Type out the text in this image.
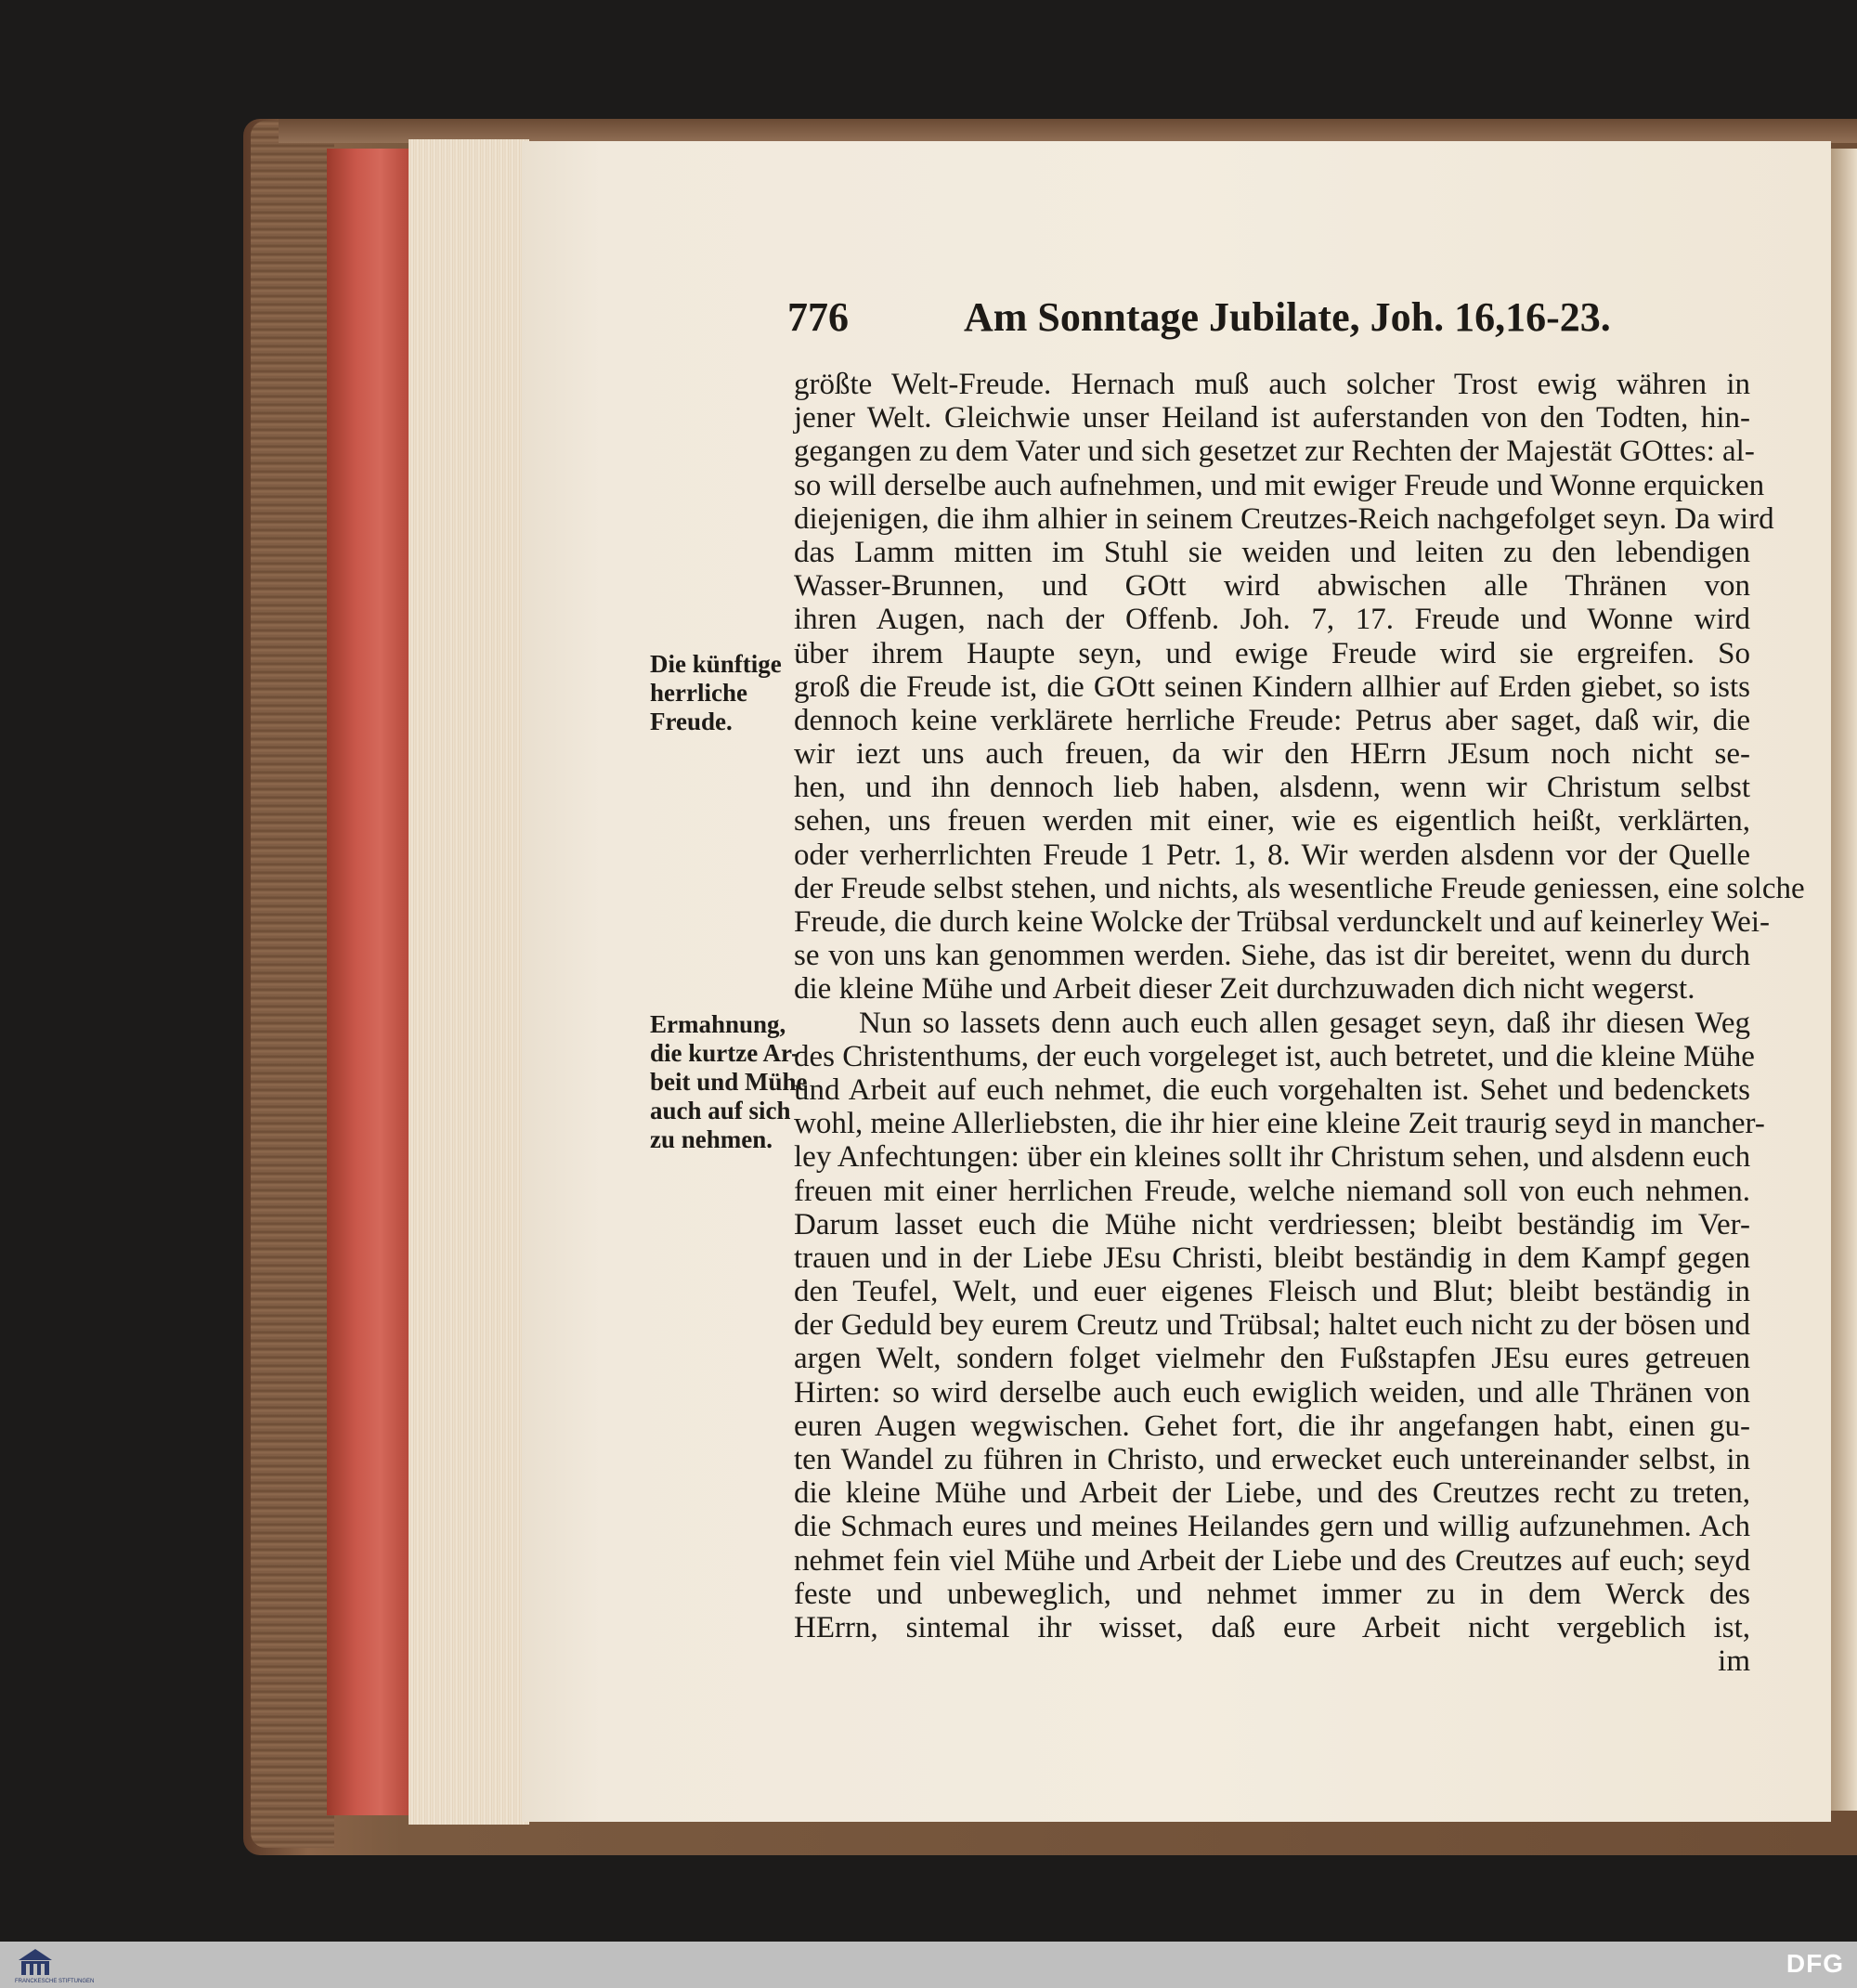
776	Am Sonntage Jubilate, Joh. 16,16-23.
Die künftige
herrliche
Freude.
Ermahnung,
die kurtze Ar-
beit und Mühe
auch auf sich
zu nehmen.
größte Welt-Freude. Hernach muß auch solcher Trost ewig währen in
jener Welt. Gleichwie unser Heiland ist auferstanden von den Todten, hin-
gegangen zu dem Vater und sich gesetzet zur Rechten der Majestät GOttes: al-
so will derselbe auch aufnehmen, und mit ewiger Freude und Wonne erquicken
diejenigen, die ihm alhier in seinem Creutzes-Reich nachgefolget seyn. Da wird
das Lamm mitten im Stuhl sie weiden und leiten zu den lebendigen
Wasser-Brunnen, und GOtt wird abwischen alle Thränen von
ihren Augen, nach der Offenb. Joh. 7, 17. Freude und Wonne wird
über ihrem Haupte seyn, und ewige Freude wird sie ergreifen. So
groß die Freude ist, die GOtt seinen Kindern allhier auf Erden giebet, so ists
dennoch keine verklärete herrliche Freude: Petrus aber saget, daß wir, die
wir iezt uns auch freuen, da wir den HErrn JEsum noch nicht se-
hen, und ihn dennoch lieb haben, alsdenn, wenn wir Christum selbst
sehen, uns freuen werden mit einer, wie es eigentlich heißt, verklärten,
oder verherrlichten Freude 1 Petr. 1, 8. Wir werden alsdenn vor der Quelle
der Freude selbst stehen, und nichts, als wesentliche Freude geniessen, eine solche
Freude, die durch keine Wolcke der Trübsal verdunckelt und auf keinerley Wei-
se von uns kan genommen werden. Siehe, das ist dir bereitet, wenn du durch
die kleine Mühe und Arbeit dieser Zeit durchzuwaden dich nicht wegerst.
Nun so lassets denn auch euch allen gesaget seyn, daß ihr diesen Weg
des Christenthums, der euch vorgeleget ist, auch betretet, und die kleine Mühe
und Arbeit auf euch nehmet, die euch vorgehalten ist. Sehet und bedenckets
wohl, meine Allerliebsten, die ihr hier eine kleine Zeit traurig seyd in mancher-
ley Anfechtungen: über ein kleines sollt ihr Christum sehen, und alsdenn euch
freuen mit einer herrlichen Freude, welche niemand soll von euch nehmen.
Darum lasset euch die Mühe nicht verdriessen; bleibt beständig im Ver-
trauen und in der Liebe JEsu Christi, bleibt beständig in dem Kampf gegen
den Teufel, Welt, und euer eigenes Fleisch und Blut; bleibt beständig in
der Geduld bey eurem Creutz und Trübsal; haltet euch nicht zu der bösen und
argen Welt, sondern folget vielmehr den Fußstapfen JEsu eures getreuen
Hirten: so wird derselbe auch euch ewiglich weiden, und alle Thränen von
euren Augen wegwischen. Gehet fort, die ihr angefangen habt, einen gu-
ten Wandel zu führen in Christo, und erwecket euch untereinander selbst, in
die kleine Mühe und Arbeit der Liebe, und des Creutzes recht zu treten,
die Schmach eures und meines Heilandes gern und willig aufzunehmen. Ach
nehmet fein viel Mühe und Arbeit der Liebe und des Creutzes auf euch; seyd
feste und unbeweglich, und nehmet immer zu in dem Werck des
HErrn, sintemal ihr wisset, daß eure Arbeit nicht vergeblich ist,
im
FRANCKESCHE STIFTUNGEN
DFG
